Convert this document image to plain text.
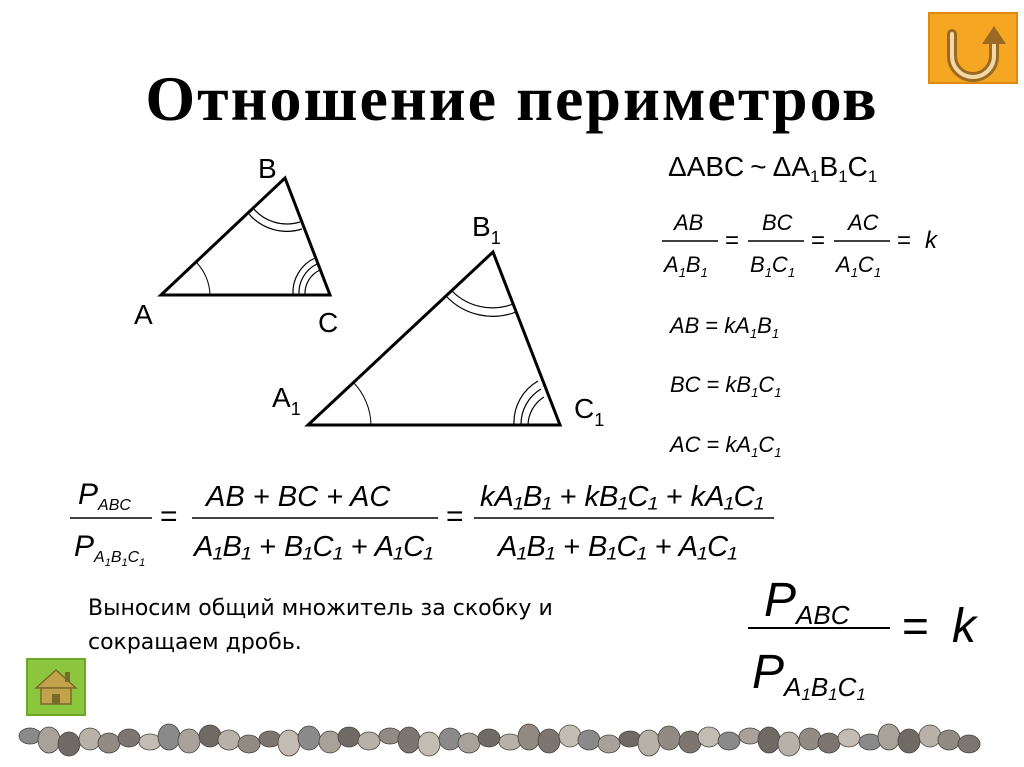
Отношение периметров
B
A	C
$B_1$
$A_1$	$C_1$
ΔABC ~ $\Delta A_1B_1C_1$
AB
$A_1B_1$
=
BC
$B_1C_1$
=
AC
$A_1C_1$
= k
AB = $kA_1B_1$
BC = $kB_1C_1$
AC = $kA_1C_1$
$P_{ABC}$
$P_A1B1C1$
=
AB + BC + AC
A₁B₁ + B₁C₁ + A₁C₁
=
kA₁B₁ + kB₁C₁ + kA₁C₁
A₁B₁ + B₁C₁ + A₁C₁
Выносим общий множитель за скобку и сокращаем дробь.
PABC
PA1B1C1
= k
